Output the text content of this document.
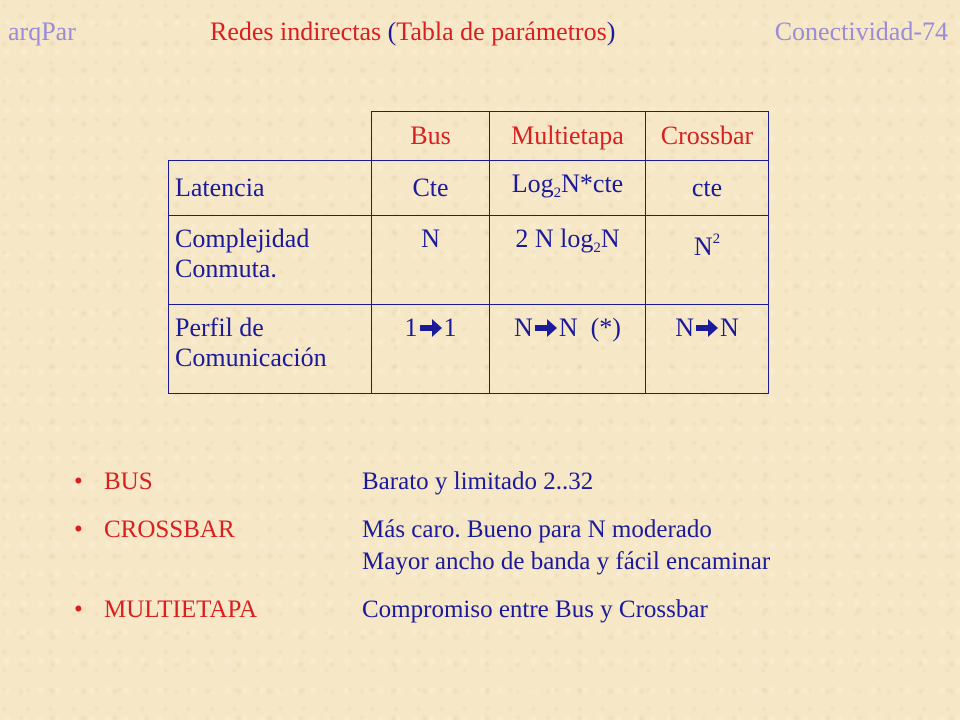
arqPar	Redes indirectas (Tabla de parámetros)	Conectividad-74
	Bus	Multietapa	Crossbar
Latencia	Cte	Log$_2$N*cte	cte
Complejidad
Conmuta.	N	2 N $\log_2N$	$N^2$
Perfil de
Comunicación	1 1	N N (*)	N N
• BUS	Barato y limitado 2..32
• CROSSBAR	Más caro. Bueno para N moderado
Mayor ancho de banda y fácil encaminar
• MULTIETAPA	Compromiso entre Bus y Crossbar
